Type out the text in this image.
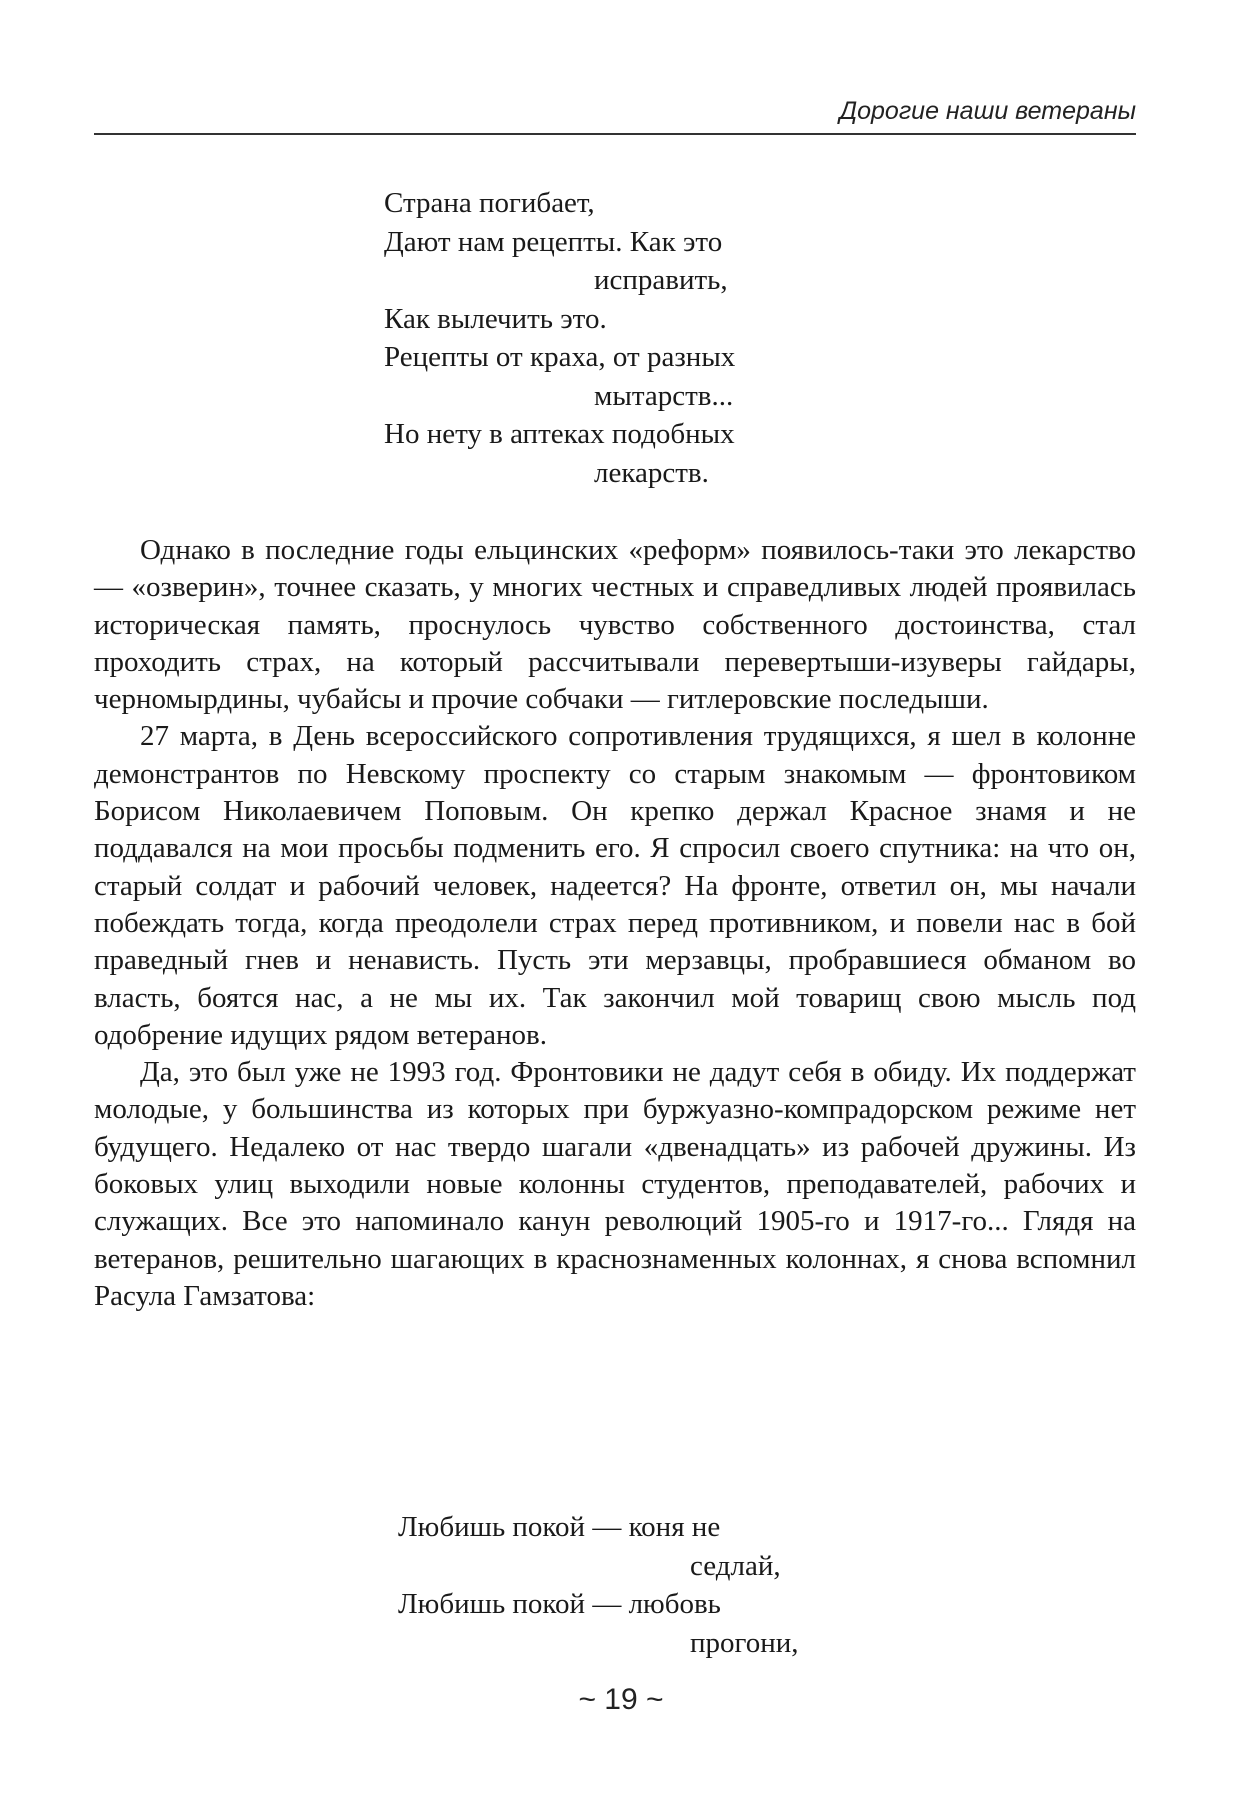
Дорогие наши ветераны
Страна погибает,
Дают нам рецепты. Как это
исправить,
Как вылечить это.
Рецепты от краха, от разных
мытарств...
Но нету в аптеках подобных
лекарств.

Однако в последние годы ельцинских «реформ» появилось-таки это лекарство — «озверин», точнее сказать, у многих честных и справедливых людей проявилась историческая память, проснулось чувство собственного достоинства, стал проходить страх, на который рассчитывали перевертыши-изуверы гайдары, черномырдины, чубайсы и прочие собчаки — гитлеровские последыши.

27 марта, в День всероссийского сопротивления трудящихся, я шел в колонне демонстрантов по Невскому проспекту со старым знакомым — фронтовиком Борисом Николаевичем Поповым. Он крепко держал Красное знамя и не поддавался на мои просьбы подменить его. Я спросил своего спутника: на что он, старый солдат и рабочий человек, надеется? На фронте, ответил он, мы начали побеждать тогда, когда преодолели страх перед противником, и повели нас в бой праведный гнев и ненависть. Пусть эти мерзавцы, пробравшиеся обманом во власть, боятся нас, а не мы их. Так закончил мой товарищ свою мысль под одобрение идущих рядом ветеранов.

Да, это был уже не 1993 год. Фронтовики не дадут себя в обиду. Их поддержат молодые, у большинства из которых при буржуазно-компрадорском режиме нет будущего. Недалеко от нас твердо шагали «двенадцать» из рабочей дружины. Из боковых улиц выходили новые колонны студентов, преподавателей, рабочих и служащих. Все это напоминало канун революций 1905-го и 1917-го... Глядя на ветеранов, решительно шагающих в краснознаменных колоннах, я снова вспомнил Расула Гамзатова:

Любишь покой — коня не
седлай,
Любишь покой — любовь
прогони,
~ 19 ~
